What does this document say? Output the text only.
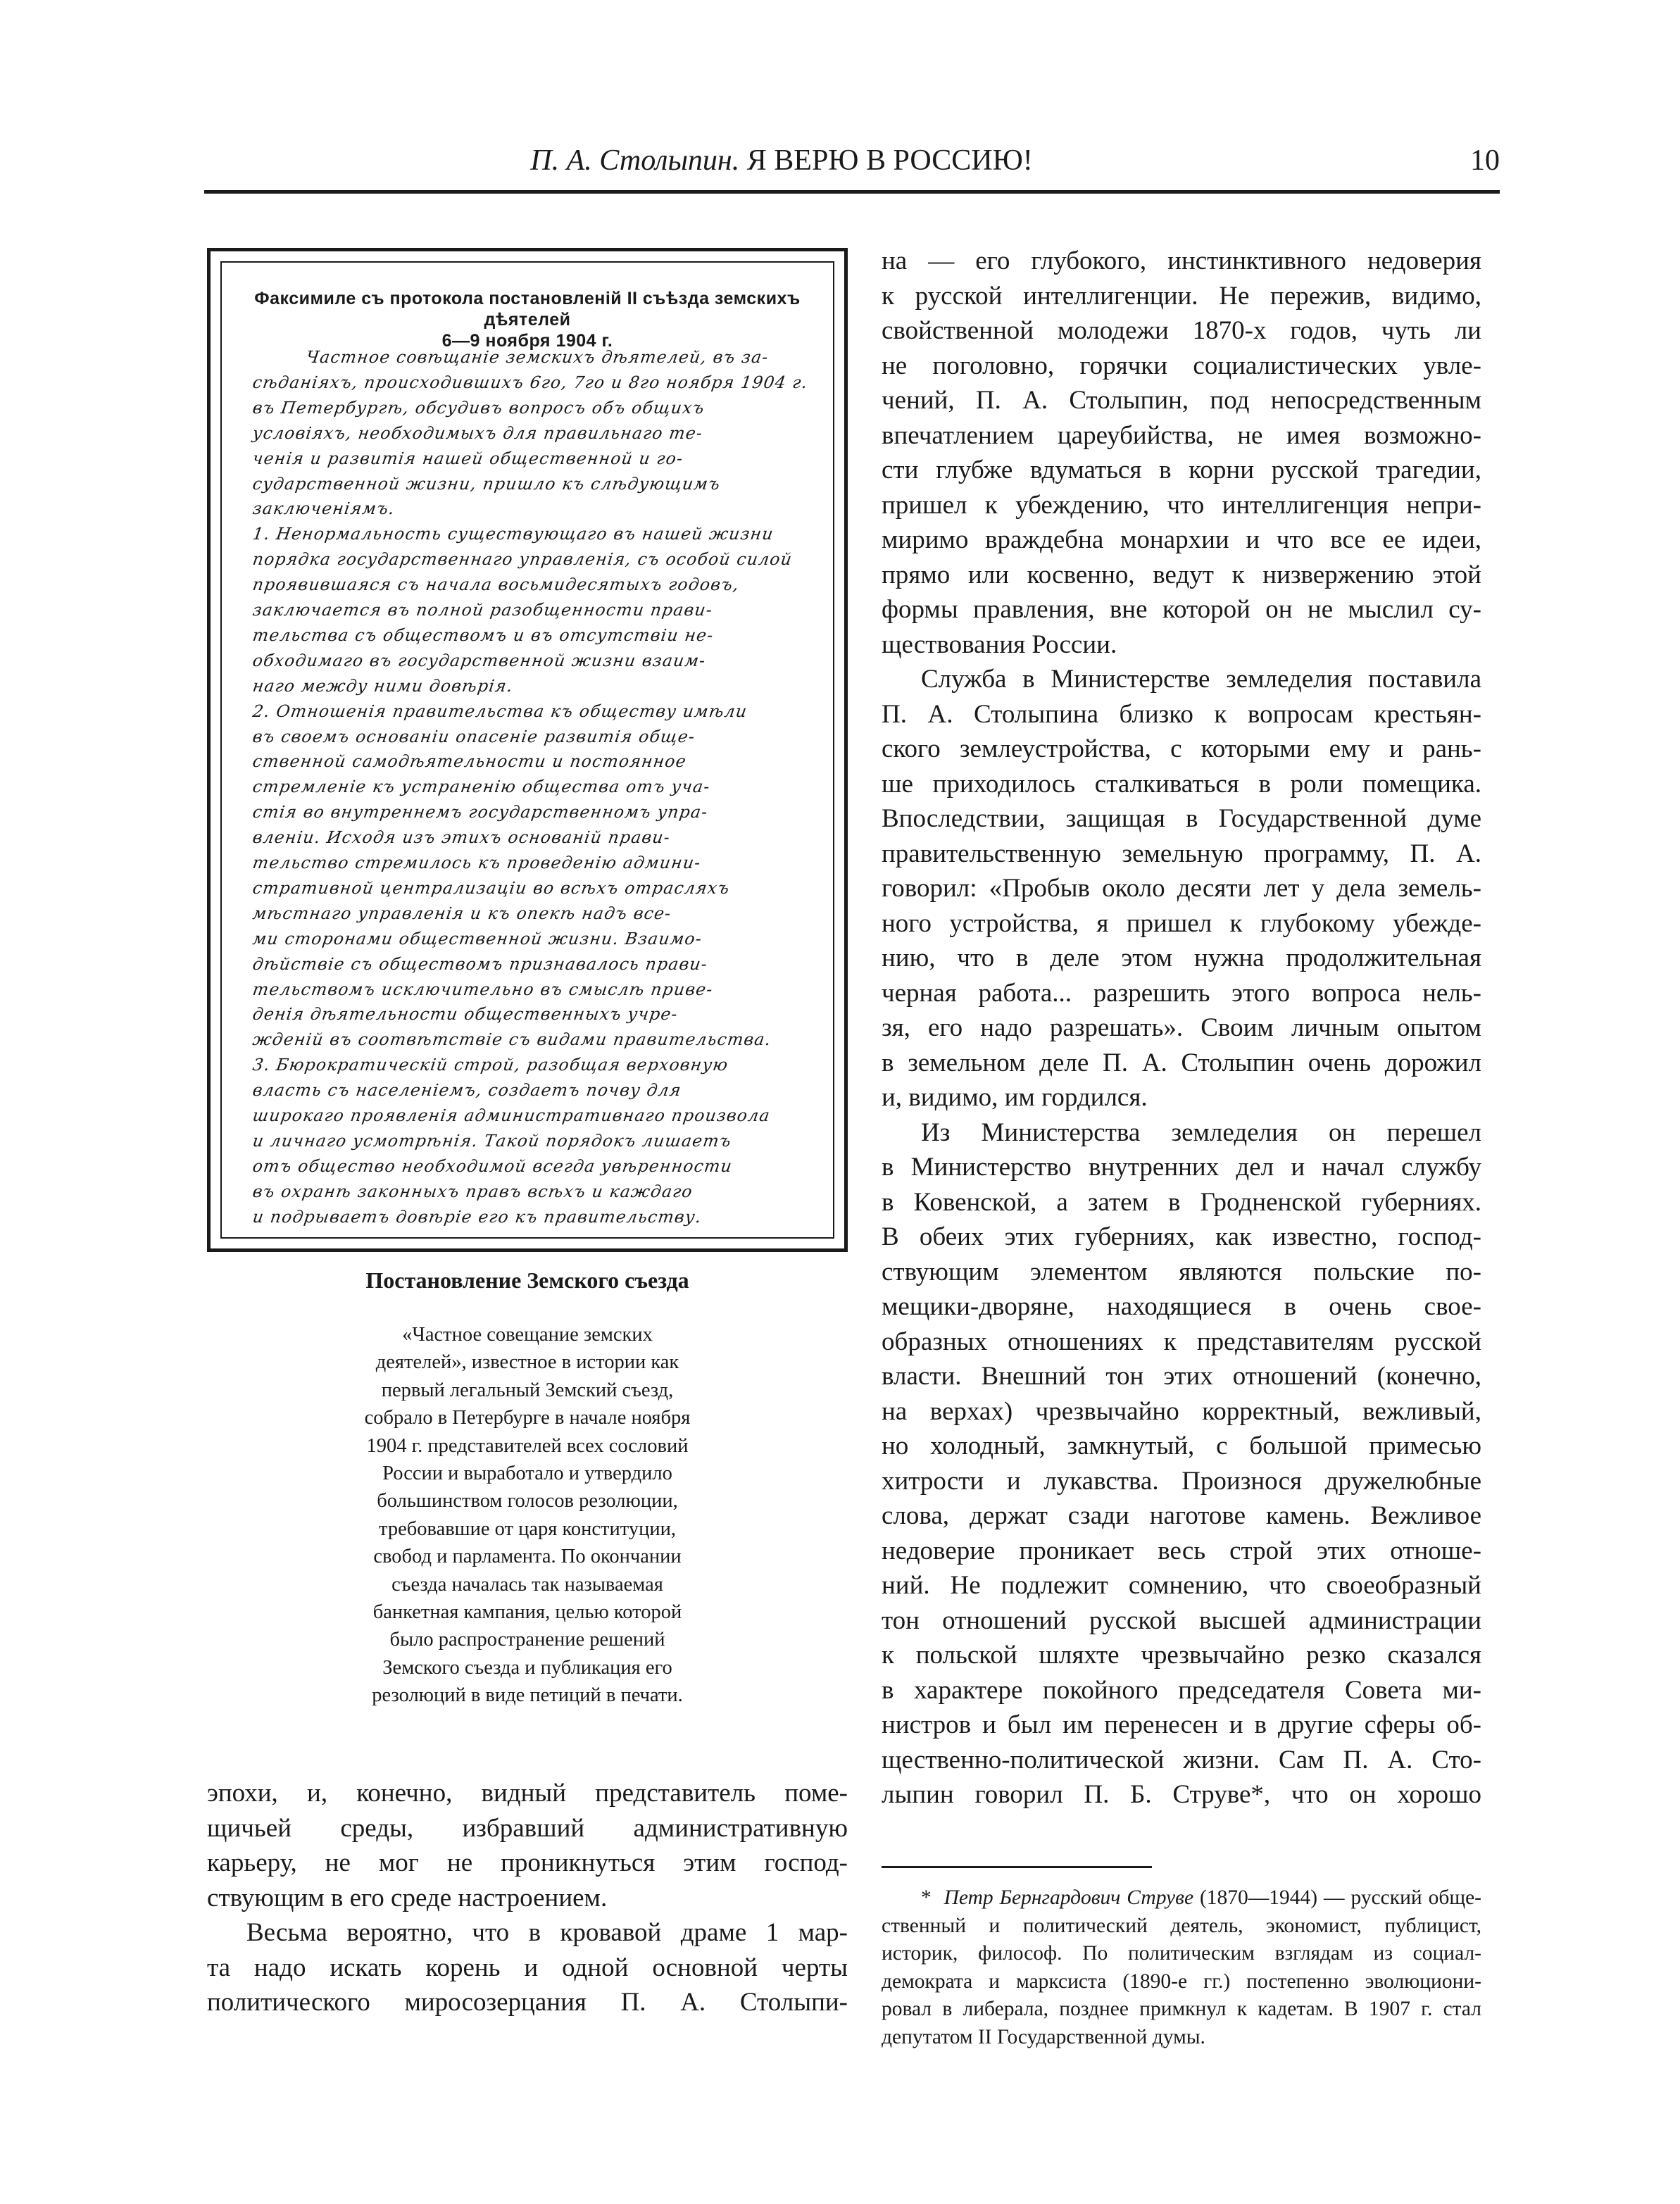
П. А. Столыпин. Я ВЕРЮ В РОССИЮ!	10
Факсимиле съ протокола постановленій II съѣзда земскихъ дѣятелей
6—9 ноября 1904 г.
Частное совѣщаніе земскихъ дѣятелей, въ за-
сѣданіяхъ, происходившихъ 6го, 7го и 8го ноября 1904 г.
въ Петербургѣ, обсудивъ вопросъ объ общихъ
условіяхъ, необходимыхъ для правильнаго те-
ченія и развитія нашей общественной и го-
сударственной жизни, пришло къ слѣдующимъ
заключеніямъ.
1. Ненормальность существующаго въ нашей жизни
порядка государственнаго управленія, съ особой силой
проявившаяся съ начала восьмидесятыхъ годовъ,
заключается въ полной разобщенности прави-
тельства съ обществомъ и въ отсутствіи не-
обходимаго въ государственной жизни взаим-
наго между ними довѣрія.
2. Отношенія правительства къ обществу имѣли
въ своемъ основаніи опасеніе развитія обще-
ственной самодѣятельности и постоянное
стремленіе къ устраненію общества отъ уча-
стія во внутреннемъ государственномъ упра-
вленіи. Исходя изъ этихъ основаній прави-
тельство стремилось къ проведенію админи-
стративной централизаціи во всѣхъ отрасляхъ
мѣстнаго управленія и къ опекѣ надъ все-
ми сторонами общественной жизни. Взаимо-
дѣйствіе съ обществомъ признавалось прави-
тельствомъ исключительно въ смыслѣ приве-
денія дѣятельности общественныхъ учре-
жденій въ соотвѣтствіе съ видами правительства.
3. Бюрократическій строй, разобщая верховную
власть съ населеніемъ, создаетъ почву для
широкаго проявленія административнаго произвола
и личнаго усмотрѣнія. Такой порядокъ лишаетъ
отъ общество необходимой всегда увѣренности
въ охранѣ законныхъ правъ всѣхъ и каждаго
и подрываетъ довѣріе его къ правительству.
Постановление Земского съезда
«Частное совещание земских
деятелей», известное в истории как
первый легальный Земский съезд,
собрало в Петербурге в начале ноября
1904 г. представителей всех сословий
России и выработало и утвердило
большинством голосов резолюции,
требовавшие от царя конституции,
свобод и парламента. По окончании
съезда началась так называемая
банкетная кампания, целью которой
было распространение решений
Земского съезда и публикация его
резолюций в виде петиций в печати.

эпохи, и, конечно, видный представитель поме-

щичьей среды, избравший административную

карьеру, не мог не проникнуться этим господ-

ствующим в его среде настроением.

Весьма вероятно, что в кровавой драме 1 мар-

та надо искать корень и одной основной черты

политического миросозерцания П. А. Столыпи-

на — его глубокого, инстинктивного недоверия

к русской интеллигенции. Не пережив, видимо,

свойственной молодежи 1870-х годов, чуть ли

не поголовно, горячки социалистических увле-

чений, П. А. Столыпин, под непосредственным

впечатлением цареубийства, не имея возможно-

сти глубже вдуматься в корни русской трагедии,

пришел к убеждению, что интеллигенция непри-

миримо враждебна монархии и что все ее идеи,

прямо или косвенно, ведут к низвержению этой

формы правления, вне которой он не мыслил су-

ществования России.

Служба в Министерстве земледелия поставила

П. А. Столыпина близко к вопросам крестьян-

ского землеустройства, с которыми ему и рань-

ше приходилось сталкиваться в роли помещика.

Впоследствии, защищая в Государственной думе

правительственную земельную программу, П. А.

говорил: «Пробыв около десяти лет у дела земель-

ного устройства, я пришел к глубокому убежде-

нию, что в деле этом нужна продолжительная

черная работа... разрешить этого вопроса нель-

зя, его надо разрешать». Своим личным опытом

в земельном деле П. А. Столыпин очень дорожил

и, видимо, им гордился.

Из Министерства земледелия он перешел

в Министерство внутренних дел и начал службу

в Ковенской, а затем в Гродненской губерниях.

В обеих этих губерниях, как известно, господ-

ствующим элементом являются польские по-

мещики-дворяне, находящиеся в очень свое-

образных отношениях к представителям русской

власти. Внешний тон этих отношений (конечно,

на верхах) чрезвычайно корректный, вежливый,

но холодный, замкнутый, с большой примесью

хитрости и лукавства. Произнося дружелюбные

слова, держат сзади наготове камень. Вежливое

недоверие проникает весь строй этих отноше-

ний. Не подлежит сомнению, что своеобразный

тон отношений русской высшей администрации

к польской шляхте чрезвычайно резко сказался

в характере покойного председателя Совета ми-

нистров и был им перенесен и в другие сферы об-

щественно-политической жизни. Сам П. А. Сто-

лыпин говорил П. Б. Струве*, что он хорошо

* Петр Бернгардович Струве (1870—1944) — русский обще-

ственный и политический деятель, экономист, публицист,

историк, философ. По политическим взглядам из социал-

демократа и марксиста (1890-е гг.) постепенно эволюциони-

ровал в либерала, позднее примкнул к кадетам. В 1907 г. стал

депутатом II Государственной думы.
